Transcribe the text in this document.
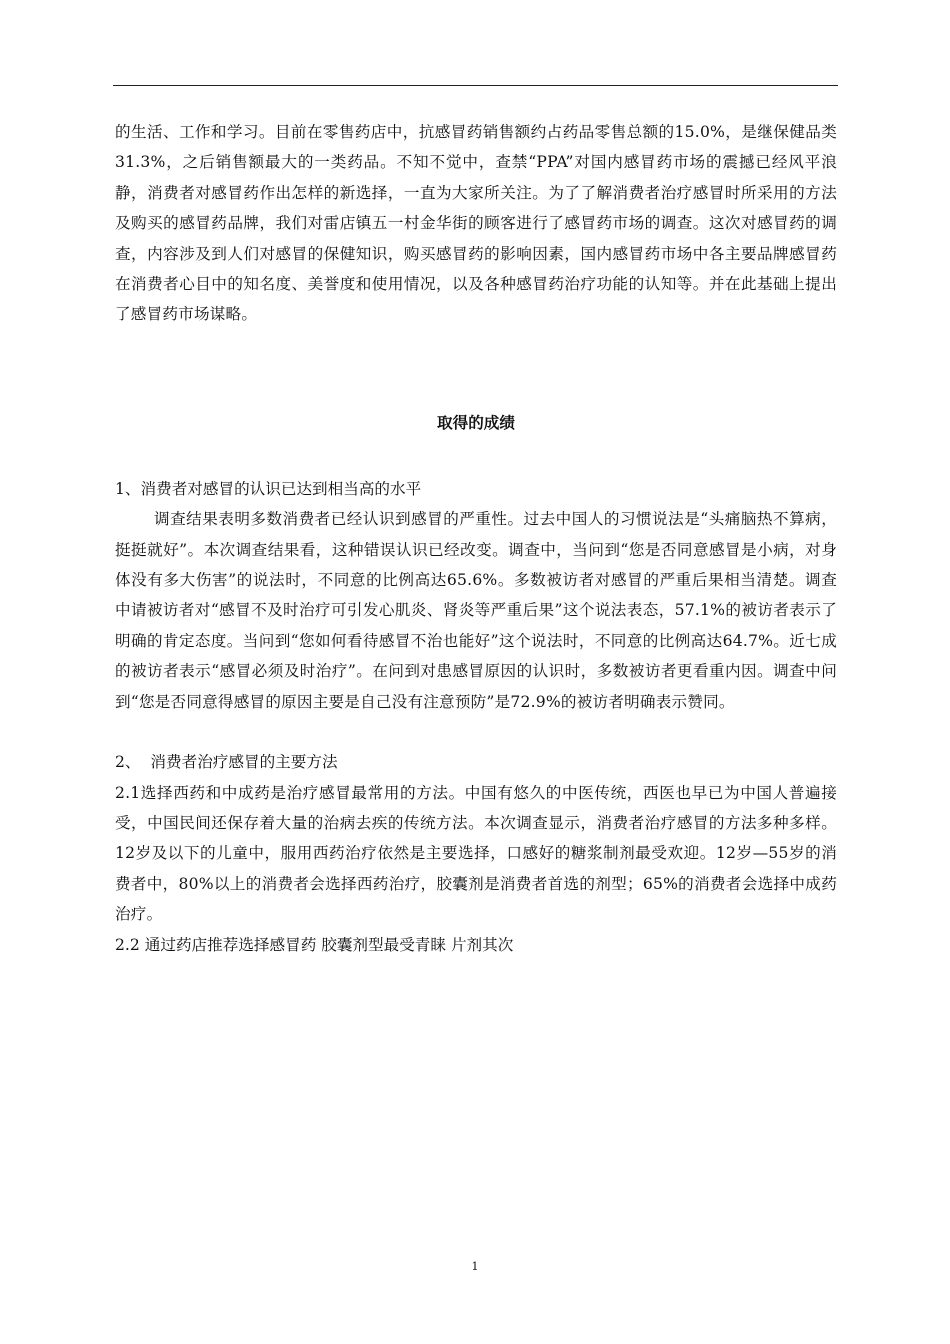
的生活、工作和学习。目前在零售药店中，抗感冒药销售额约占药品零售总额的15.0%，是继保健品类31.3%，之后销售额最大的一类药品。不知不觉中，查禁“PPA”对国内感冒药市场的震撼已经风平浪静，消费者对感冒药作出怎样的新选择，一直为大家所关注。为了了解消费者治疗感冒时所采用的方法及购买的感冒药品牌，我们对雷店镇五一村金华街的顾客进行了感冒药市场的调查。这次对感冒药的调查，内容涉及到人们对感冒的保健知识，购买感冒药的影响因素，国内感冒药市场中各主要品牌感冒药在消费者心目中的知名度、美誉度和使用情况，以及各种感冒药治疗功能的认知等。并在此基础上提出了感冒药市场谋略。

取得的成绩

1、消费者对感冒的认识已达到相当高的水平

调查结果表明多数消费者已经认识到感冒的严重性。过去中国人的习惯说法是“头痛脑热不算病，挺挺就好”。本次调查结果看，这种错误认识已经改变。调查中，当问到“您是否同意感冒是小病，对身体没有多大伤害”的说法时，不同意的比例高达65.6%。多数被访者对感冒的严重后果相当清楚。调查中请被访者对“感冒不及时治疗可引发心肌炎、肾炎等严重后果”这个说法表态，57.1%的被访者表示了明确的肯定态度。当问到“您如何看待感冒不治也能好”这个说法时，不同意的比例高达64.7%。近七成的被访者表示“感冒必须及时治疗”。在问到对患感冒原因的认识时，多数被访者更看重内因。调查中问到“您是否同意得感冒的原因主要是自己没有注意预防”是72.9%的被访者明确表示赞同。

2、  消费者治疗感冒的主要方法

2.1选择西药和中成药是治疗感冒最常用的方法。中国有悠久的中医传统，西医也早已为中国人普遍接受，中国民间还保存着大量的治病去疾的传统方法。本次调查显示，消费者治疗感冒的方法多种多样。12岁及以下的儿童中，服用西药治疗依然是主要选择，口感好的糖浆制剂最受欢迎。12岁—55岁的消费者中，80%以上的消费者会选择西药治疗，胶囊剂是消费者首选的剂型；65%的消费者会选择中成药治疗。

2.2 通过药店推荐选择感冒药 胶囊剂型最受青睐 片剂其次

1
